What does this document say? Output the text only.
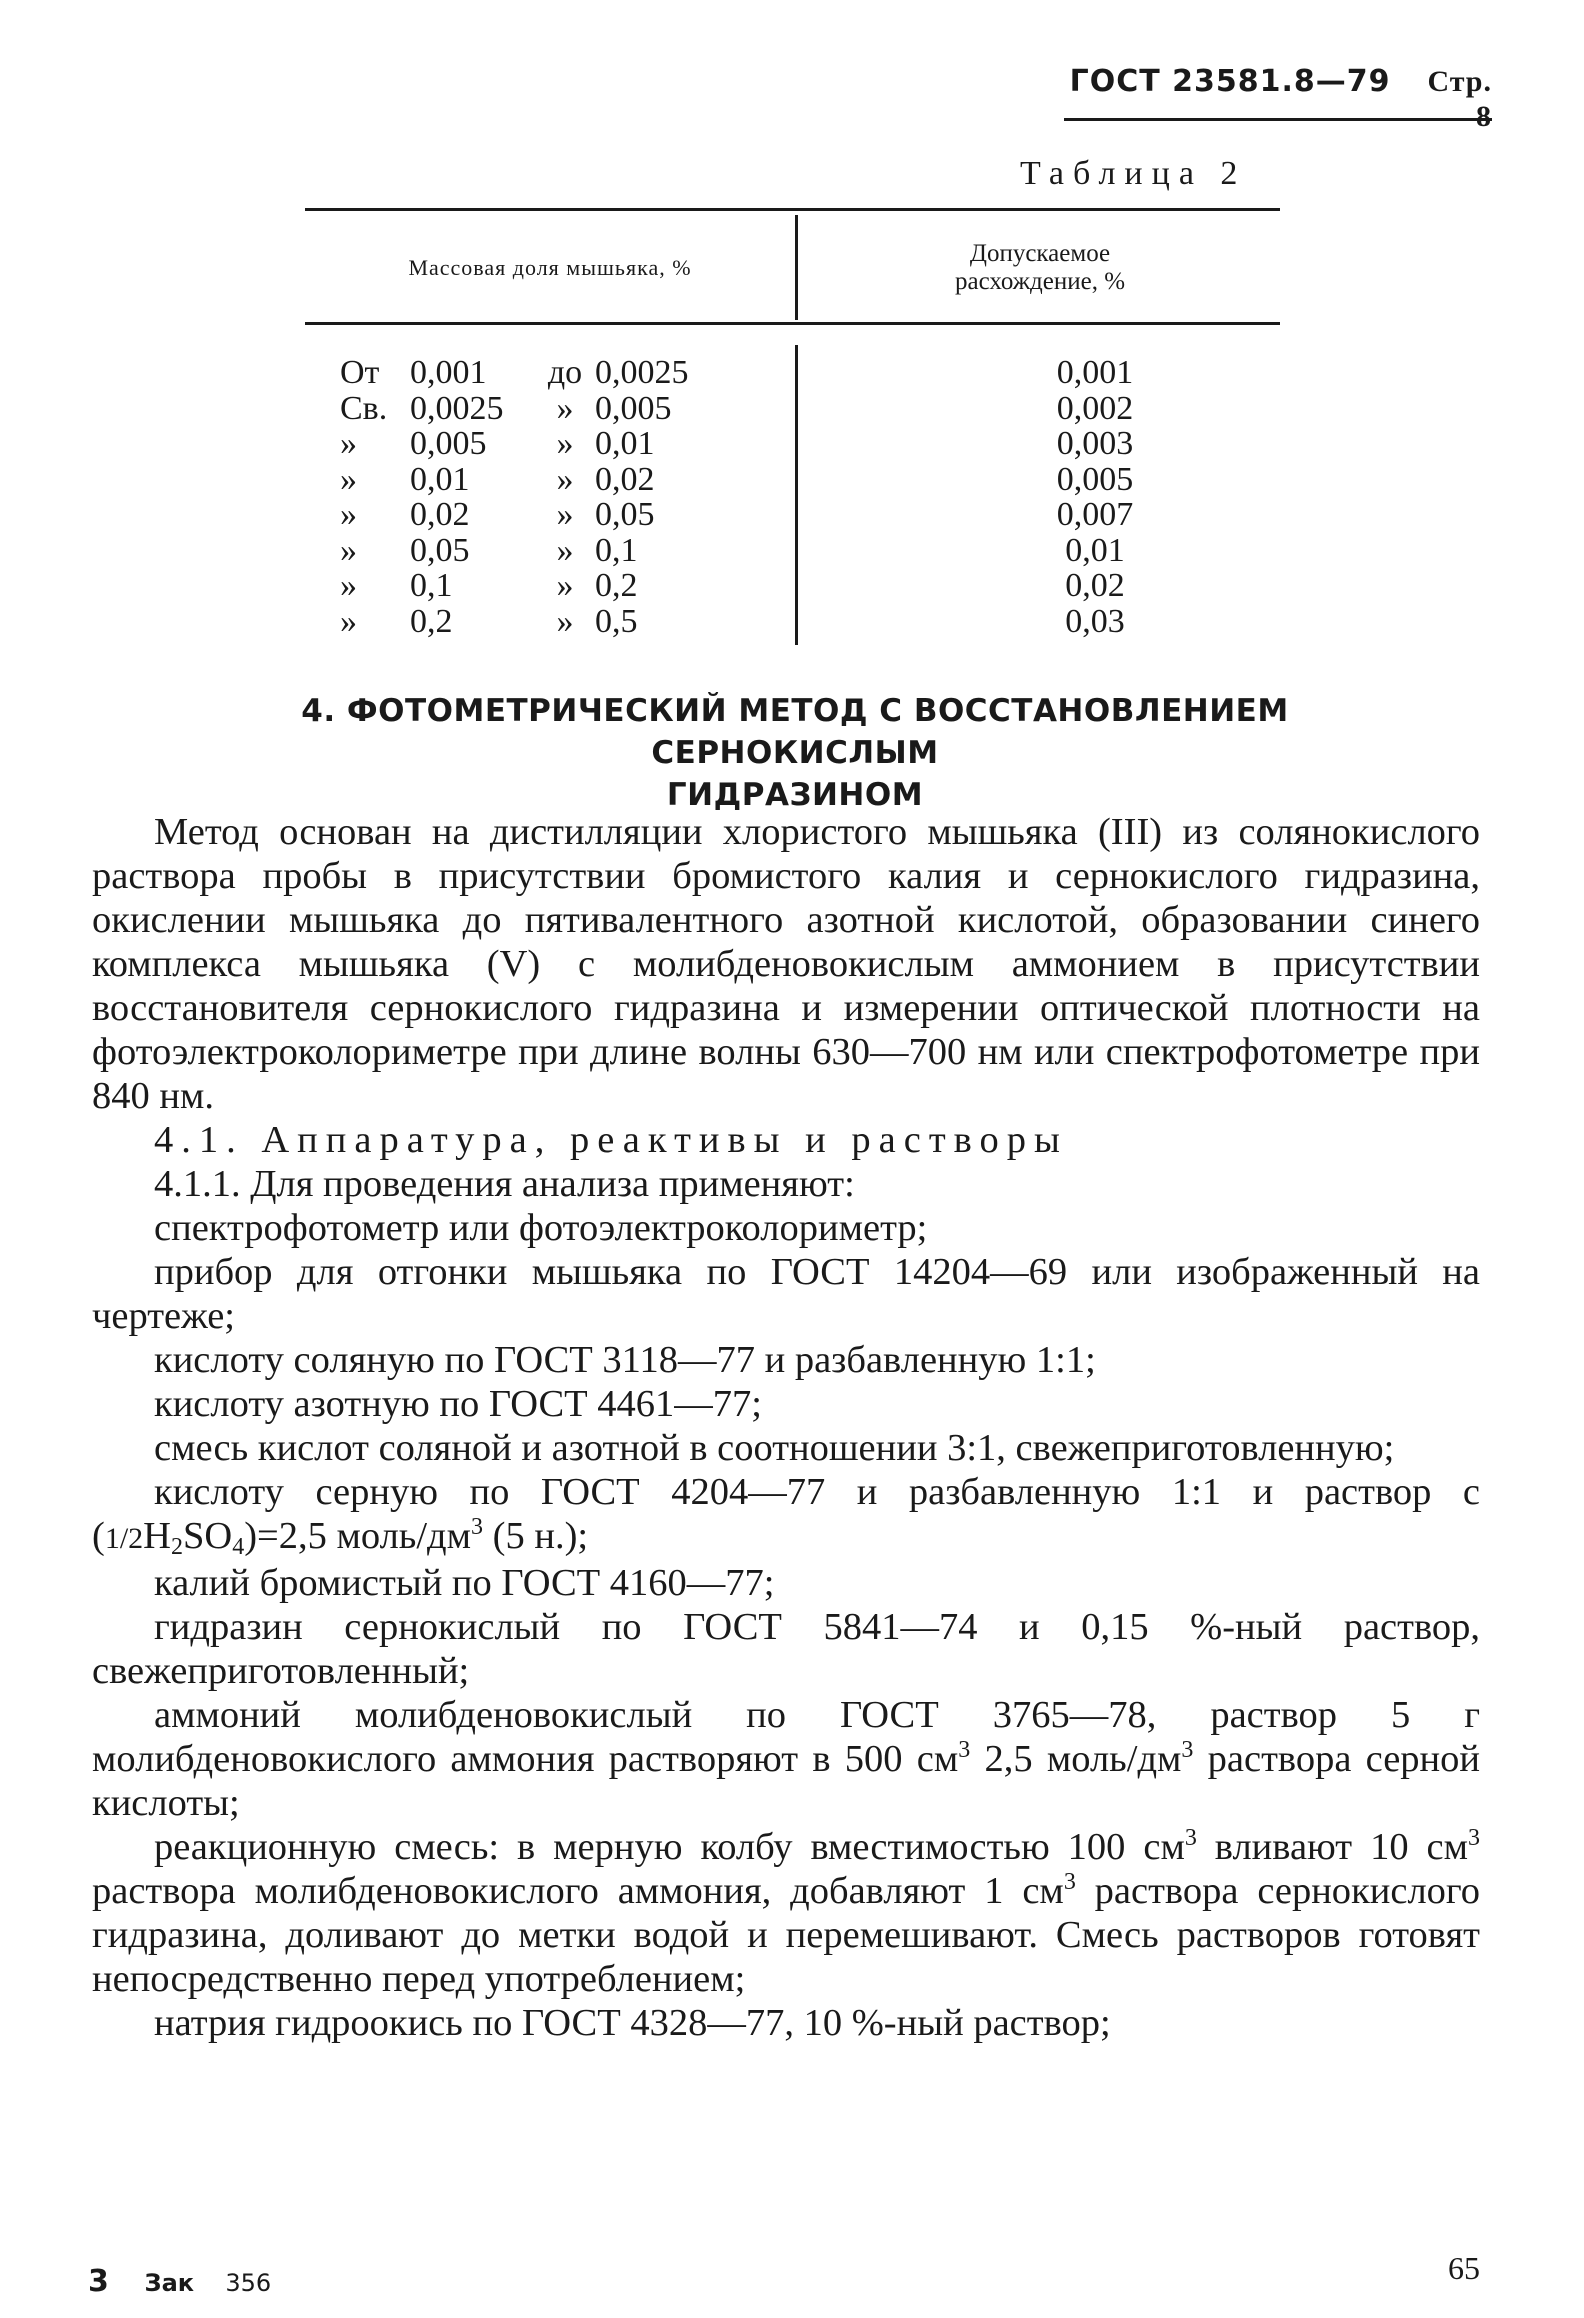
ГОСТ 23581.8—79 Стр. 8
Таблица 2
Массовая доля мышьяка, %
Допускаемое
расхождение, %
От 0,001	до 0,0025	0,001
Св. 0,0025	» 0,005	0,002
»	0,005	» 0,01	0,003
»	0,01	» 0,02	0,005
»	0,02	» 0,05	0,007
»	0,05	» 0,1	0,01
»	0,1	» 0,2	0,02
»	0,2	» 0,5	0,03
4. ФОТОМЕТРИЧЕСКИЙ МЕТОД С ВОССТАНОВЛЕНИЕМ СЕРНОКИСЛЫМ
ГИДРАЗИНОМ

Метод основан на дистилляции хлористого мышьяка (III) из солянокислого раствора пробы в присутствии бромистого калия и сернокислого гидразина, окислении мышьяка до пятивалентного азотной кислотой, образовании синего комплекса мышьяка (V) с молибденовокислым аммонием в присутствии восстановителя сернокислого гидразина и измерении оптической плотности на фотоэлектроколориметре при длине волны 630—700 нм или спектрофотометре при 840 нм.

4.1. Аппаратура, реактивы и растворы

4.1.1. Для проведения анализа применяют:

спектрофотометр или фотоэлектроколориметр;

прибор для отгонки мышьяка по ГОСТ 14204—69 или изображенный на чертеже;

кислоту соляную по ГОСТ 3118—77 и разбавленную 1:1;

кислоту азотную по ГОСТ 4461—77;

смесь кислот соляной и азотной в соотношении 3:1, свежеприготовленную;

кислоту серную по ГОСТ 4204—77 и разбавленную 1:1 и раствор с $(1/2H_2SO_4)=2,5$ моль/$дм^3$ (5 н.);

калий бромистый по ГОСТ 4160—77;

гидразин сернокислый по ГОСТ 5841—74 и 0,15 %-ный раствор, свежеприготовленный;

аммоний молибденовокислый по ГОСТ 3765—78, раствор 5 г молибденовокислого аммония растворяют в 500 $см^3$ 2,5 моль/$дм^3$ раствора серной кислоты;

реакционную смесь: в мерную колбу вместимостью 100 $см^3$ вливают 10 $см^3$ раствора молибденовокислого аммония, добавляют 1 $см^3$ раствора сернокислого гидразина, доливают до метки водой и перемешивают. Смесь растворов готовят непосредственно перед употреблением;

натрия гидроокись по ГОСТ 4328—77, 10 %-ный раствор;

3 Зак 356	65
